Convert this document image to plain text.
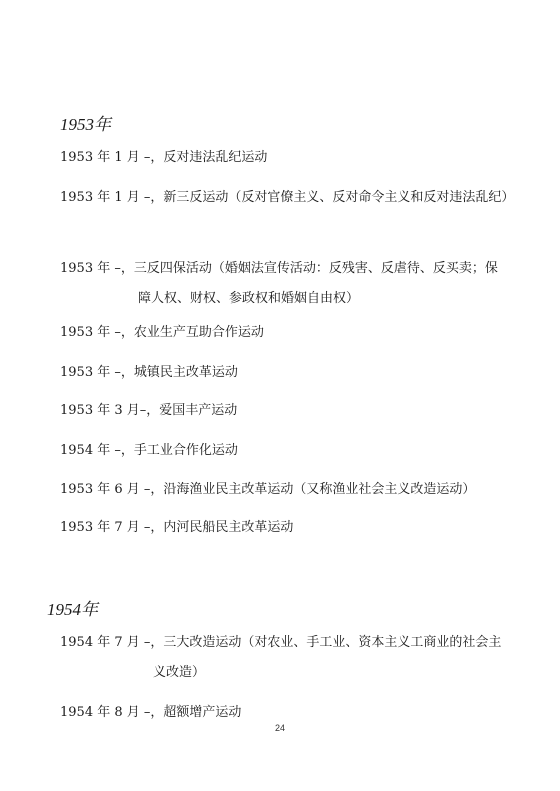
1953年
1953 年 1 月 –，反对违法乱纪运动
1953 年 1 月 –，新三反运动（反对官僚主义、反对命令主义和反对违法乱纪）
1953 年 –，三反四保活动（婚姻法宣传活动：反残害、反虐待、反买卖；保
障人权、财权、参政权和婚姻自由权）
1953 年 –，农业生产互助合作运动
1953 年 –，城镇民主改革运动
1953 年 3 月–，爱国丰产运动
1954 年 –，手工业合作化运动
1953 年 6 月 –，沿海渔业民主改革运动（又称渔业社会主义改造运动）
1953 年 7 月 –，内河民船民主改革运动
1954年
1954 年 7 月 –，三大改造运动（对农业、手工业、资本主义工商业的社会主
义改造）
1954 年 8 月 –，超额增产运动
24
